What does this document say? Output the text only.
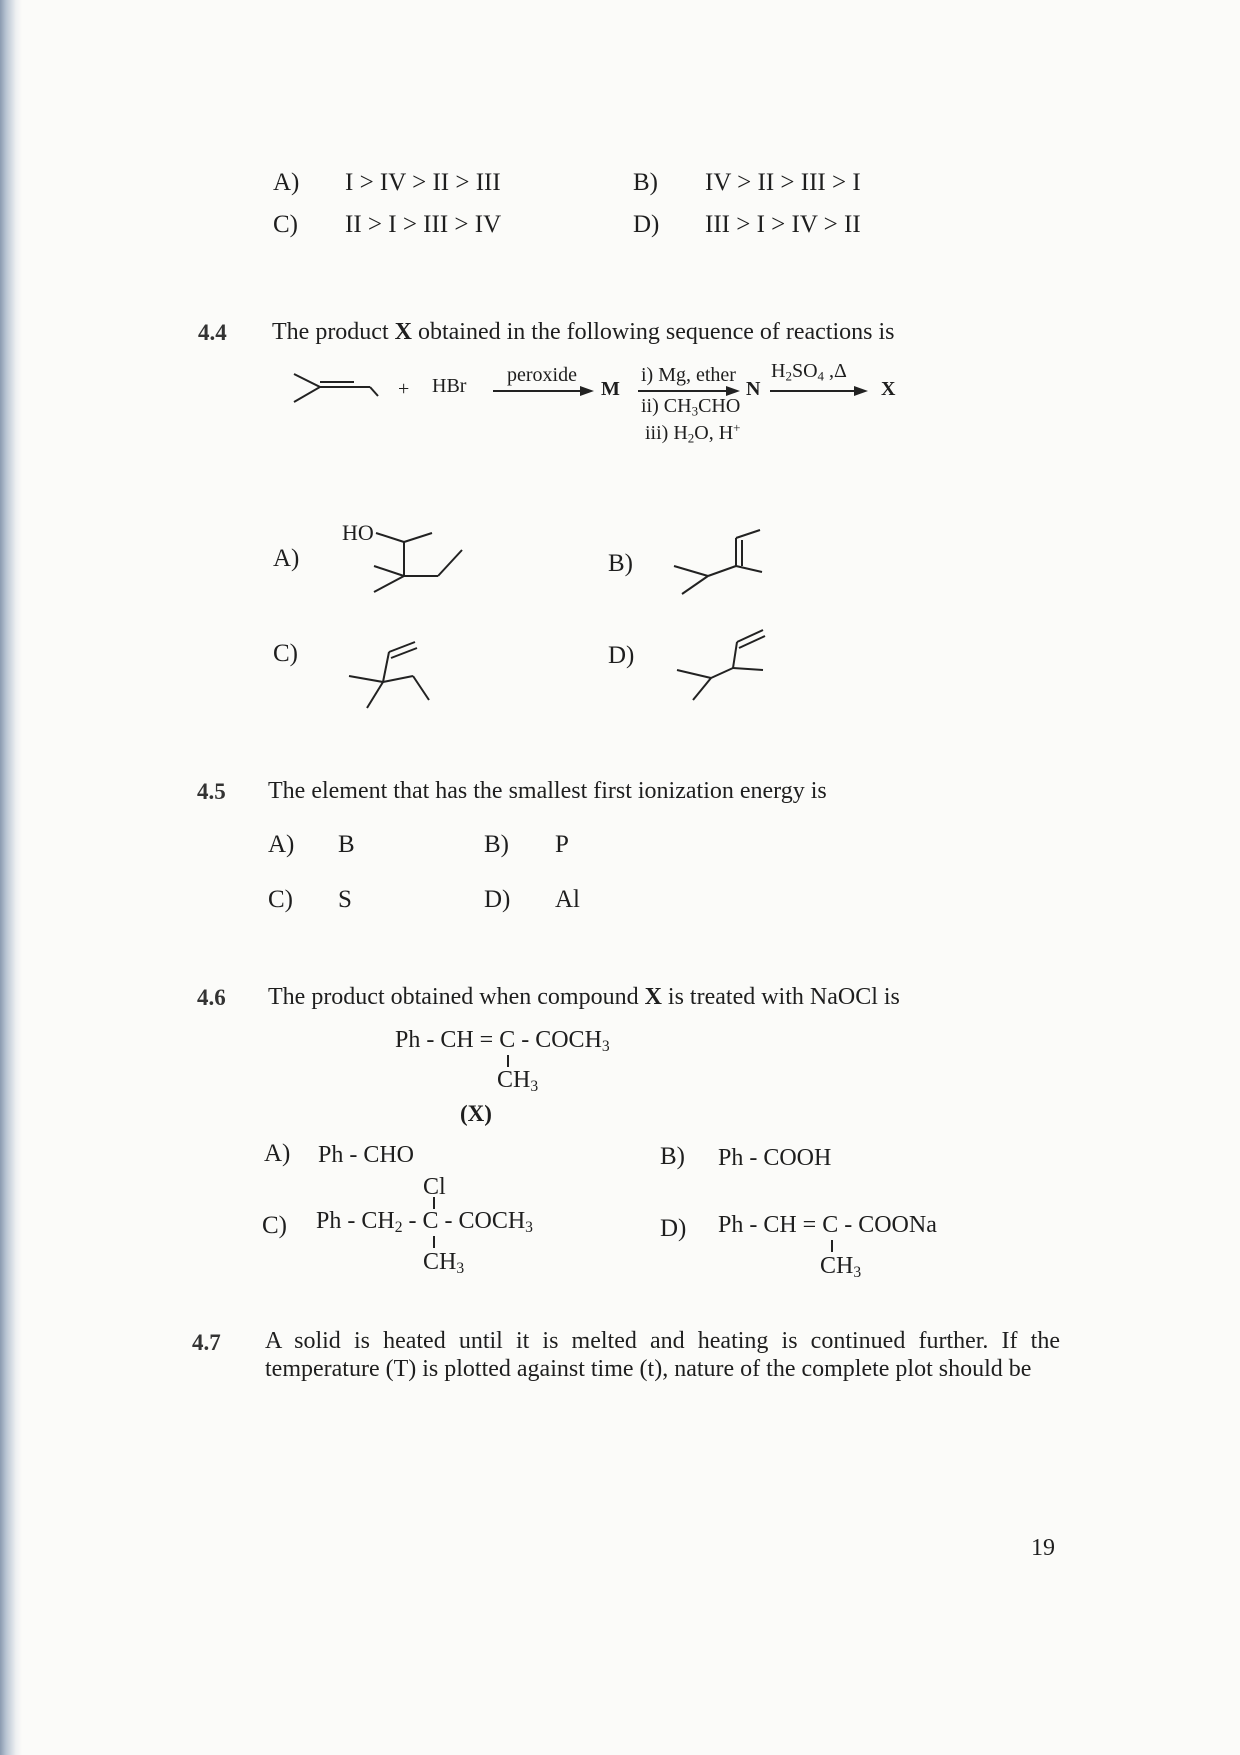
A) I > IV > II > III	B) IV > II > III > I
C) II > I > III > IV	D) III > I > IV > II
4.4 The product X obtained in the following sequence of reactions is
+ HBr peroxide
M
i) Mg, ether
ii) $CH_3CHO$
iii) $H_2O$, H+
N
$H_2SO_4$ ,Δ
X
A)
HO
B)
C)	D)
4.5 The element that has the smallest first ionization energy is
A) B	B) P
C) S	D) Al
4.6 The product obtained when compound X is treated with NaOCl is
Ph - CH = C - $COCH_3$
$CH_3$
(X)
A) Ph - CHO	B) Ph - COOH
C)
Cl
Ph - $CH_2$ - C - $COCH_3$
$CH_3$
D) Ph - CH = C - COONa
$CH_3$
4.7 A solid is heated until it is melted and heating is continued further. If the temperature (T) is plotted against time (t), nature of the complete plot should be
19
